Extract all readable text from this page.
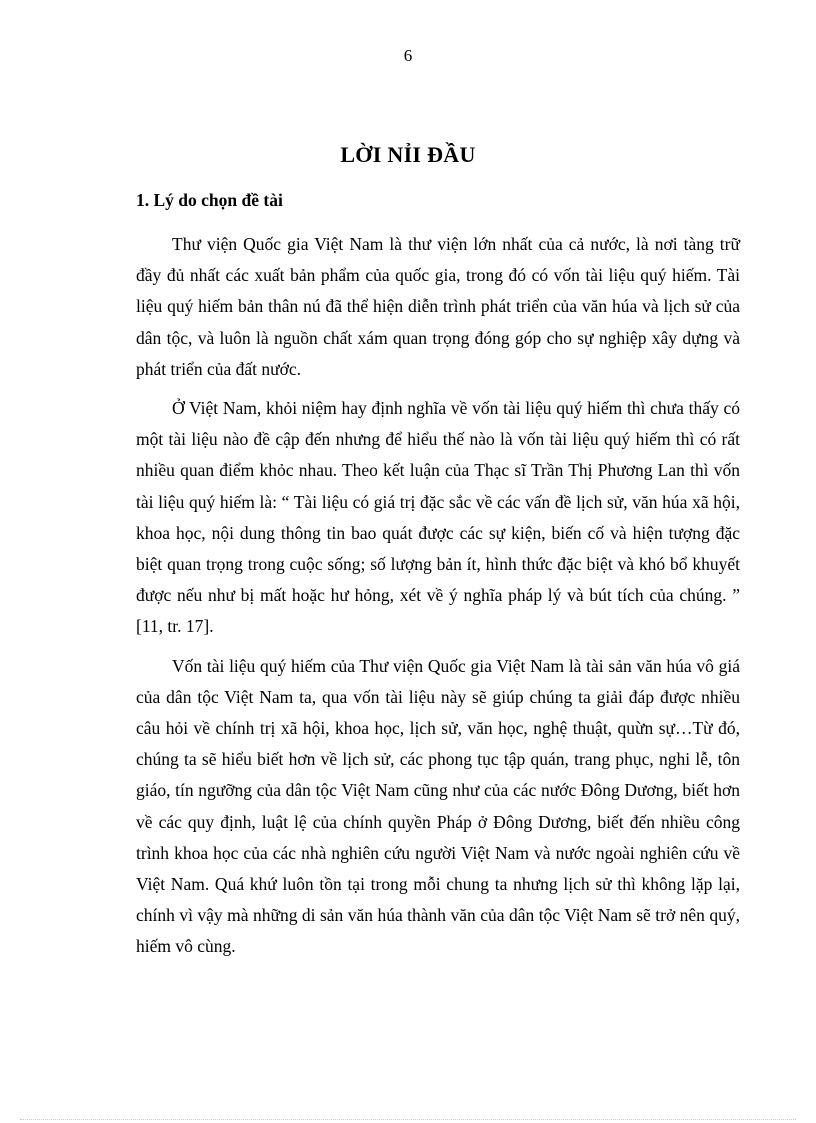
6
LỜI NỈI ĐẦU
1. Lý do chọn đề tài

Thư viện Quốc gia Việt Nam là thư viện lớn nhất của cả nước, là nơi tàng trữ đầy đủ nhất các xuất bản phẩm của quốc gia, trong đó có vốn tài liệu quý hiếm. Tài liệu quý hiếm bản thân nú đã thể hiện diễn trình phát triển của văn húa và lịch sử của dân tộc, và luôn là nguồn chất xám quan trọng đóng góp cho sự nghiệp xây dựng và phát triển của đất nước.

Ở Việt Nam, khỏi niệm hay định nghĩa về vốn tài liệu quý hiếm thì chưa thấy có một tài liệu nào đề cập đến nhưng để hiểu thế nào là vốn tài liệu quý hiếm thì có rất nhiều quan điểm khỏc nhau. Theo kết luận của Thạc sĩ Trần Thị Phương Lan thì vốn tài liệu quý hiếm là: “ Tài liệu có giá trị đặc sắc về các vấn đề lịch sử, văn húa xã hội, khoa học, nội dung thông tin bao quát được các sự kiện, biến cố và hiện tượng đặc biệt quan trọng trong cuộc sống; số lượng bản ít, hình thức đặc biệt và khó bổ khuyết được nếu như bị mất hoặc hư hỏng, xét về ý nghĩa pháp lý và bút tích của chúng. ” [11, tr. 17].

Vốn tài liệu quý hiếm của Thư viện Quốc gia Việt Nam là tài sản văn húa vô giá của dân tộc Việt Nam ta, qua vốn tài liệu này sẽ giúp chúng ta giải đáp được nhiều câu hỏi về chính trị xã hội, khoa học, lịch sử, văn học, nghệ thuật, quừn sự…Từ đó, chúng ta sẽ hiểu biết hơn về lịch sử, các phong tục tập quán, trang phục, nghi lễ, tôn giáo, tín ngưỡng của dân tộc Việt Nam cũng như của các nước Đông Dương, biết hơn về các quy định, luật lệ của chính quyền Pháp ở Đông Dương, biết đến nhiều công trình khoa học của các nhà nghiên cứu người Việt Nam và nước ngoài nghiên cứu về Việt Nam. Quá khứ luôn tồn tại trong mỗi chung ta nhưng lịch sử thì không lặp lại, chính vì vậy mà những di sản văn húa thành văn của dân tộc Việt Nam sẽ trở nên quý, hiếm vô cùng.
